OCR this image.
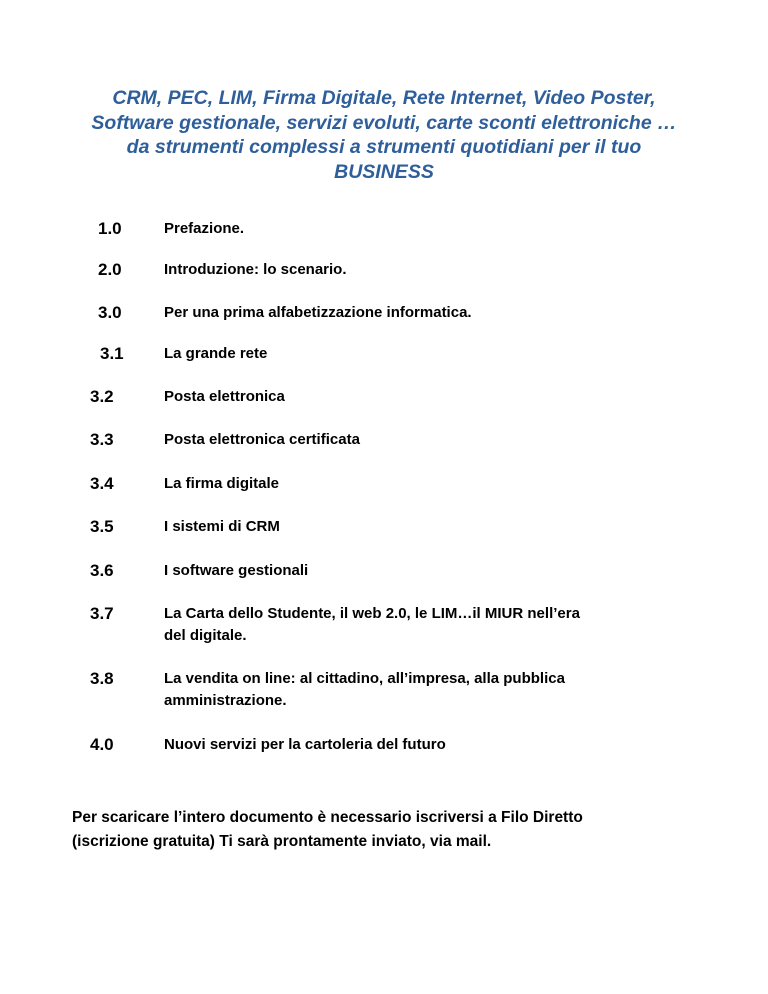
CRM, PEC, LIM, Firma Digitale, Rete Internet, Video Poster,
Software gestionale, servizi evoluti, carte sconti elettroniche …
da strumenti complessi a strumenti quotidiani per il tuo
BUSINESS
1.0	Prefazione.
2.0	Introduzione: lo scenario.
3.0	Per una prima alfabetizzazione informatica.
3.1	La grande rete
3.2	Posta elettronica
3.3	Posta elettronica certificata
3.4	La firma digitale
3.5	I sistemi di CRM
3.6	I software gestionali
3.7	La Carta dello Studente, il web 2.0, le LIM…il MIUR nell’era
del digitale.
3.8	La vendita on line: al cittadino, all’impresa, alla pubblica
amministrazione.
4.0	Nuovi servizi per la cartoleria del futuro
Per scaricare l’intero documento è necessario iscriversi a Filo Diretto
(iscrizione gratuita) Ti sarà prontamente inviato, via mail.
